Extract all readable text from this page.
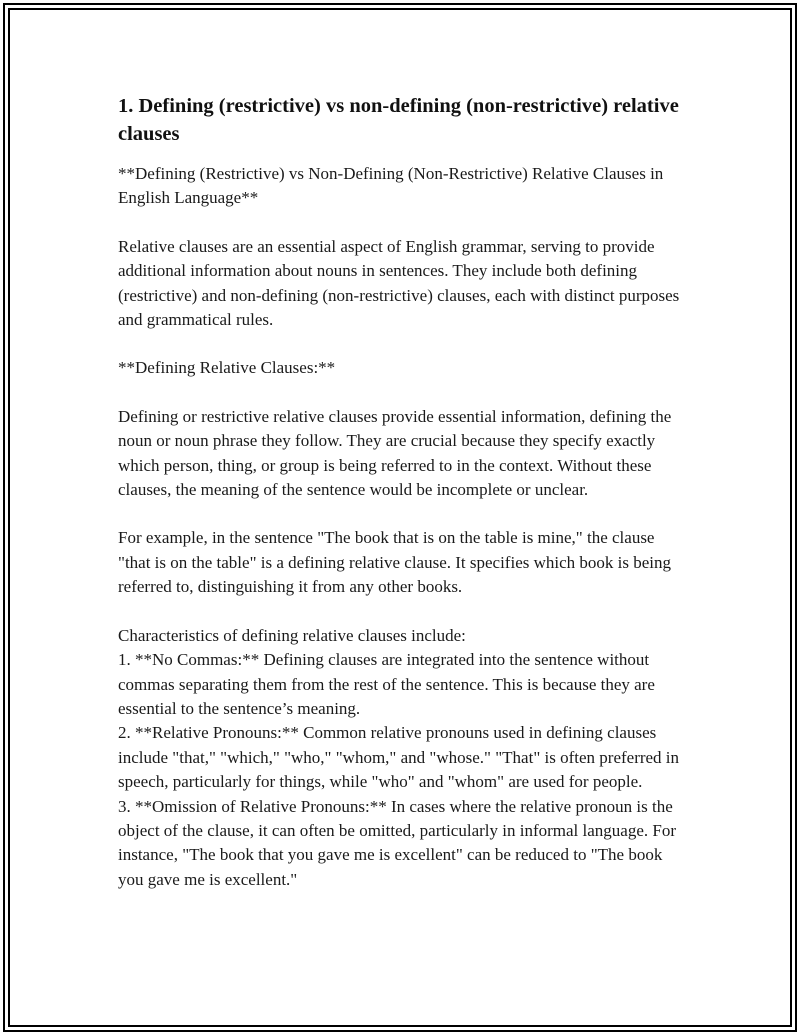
1. Defining (restrictive) vs non-defining (non-restrictive) relative clauses

**Defining (Restrictive) vs Non-Defining (Non-Restrictive) Relative Clauses in English Language**

Relative clauses are an essential aspect of English grammar, serving to provide additional information about nouns in sentences. They include both defining (restrictive) and non-defining (non-restrictive) clauses, each with distinct purposes and grammatical rules.

**Defining Relative Clauses:**

Defining or restrictive relative clauses provide essential information, defining the noun or noun phrase they follow. They are crucial because they specify exactly which person, thing, or group is being referred to in the context. Without these clauses, the meaning of the sentence would be incomplete or unclear.

For example, in the sentence "The book that is on the table is mine," the clause "that is on the table" is a defining relative clause. It specifies which book is being referred to, distinguishing it from any other books.

Characteristics of defining relative clauses include:

1. **No Commas:** Defining clauses are integrated into the sentence without commas separating them from the rest of the sentence. This is because they are essential to the sentence’s meaning.

2. **Relative Pronouns:** Common relative pronouns used in defining clauses include "that," "which," "who," "whom," and "whose." "That" is often preferred in speech, particularly for things, while "who" and "whom" are used for people.

3. **Omission of Relative Pronouns:** In cases where the relative pronoun is the object of the clause, it can often be omitted, particularly in informal language. For instance, "The book that you gave me is excellent" can be reduced to "The book you gave me is excellent."
